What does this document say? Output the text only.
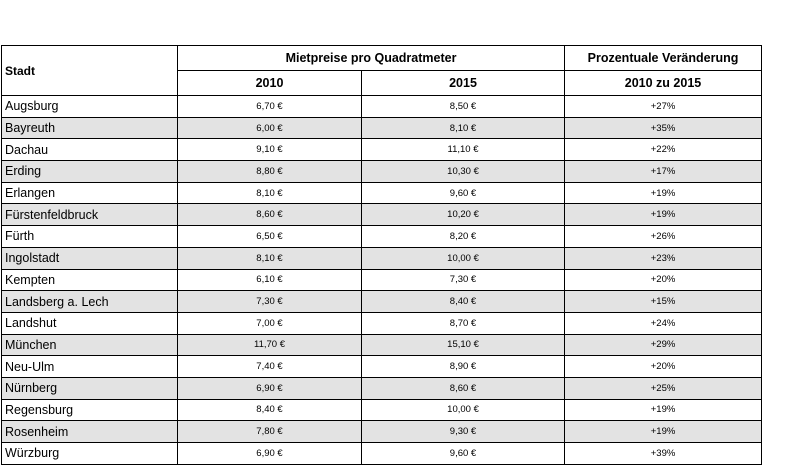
Stadt	Mietpreise pro Quadratmeter		Prozentuale Veränderung
	2010	2015	2010 zu 2015
Augsburg	6,70 €	8,50 €	+27%
Bayreuth	6,00 €	8,10 €	+35%
Dachau	9,10 €	11,10 €	+22%
Erding	8,80 €	10,30 €	+17%
Erlangen	8,10 €	9,60 €	+19%
Fürstenfeldbruck	8,60 €	10,20 €	+19%
Fürth	6,50 €	8,20 €	+26%
Ingolstadt	8,10 €	10,00 €	+23%
Kempten	6,10 €	7,30 €	+20%
Landsberg a. Lech	7,30 €	8,40 €	+15%
Landshut	7,00 €	8,70 €	+24%
München	11,70 €	15,10 €	+29%
Neu-Ulm	7,40 €	8,90 €	+20%
Nürnberg	6,90 €	8,60 €	+25%
Regensburg	8,40 €	10,00 €	+19%
Rosenheim	7,80 €	9,30 €	+19%
Würzburg	6,90 €	9,60 €	+39%
